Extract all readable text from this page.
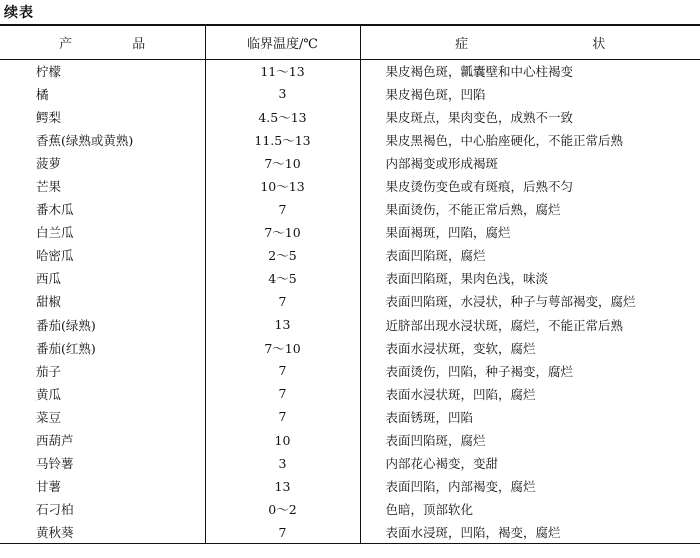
续表
产 品	临界温度/℃	症 状
柠檬	11～13	果皮褐色斑，瓤囊壁和中心柱褐变
橘	3	果皮褐色斑，凹陷
鳄梨	4.5～13	果皮斑点，果肉变色，成熟不一致
香蕉(绿熟或黄熟)	11.5～13	果皮黑褐色，中心胎座硬化，不能正常后熟
菠萝	7～10	内部褐变或形成褐斑
芒果	10～13	果皮烫伤变色或有斑痕，后熟不匀
番木瓜	7	果面烫伤，不能正常后熟，腐烂
白兰瓜	7～10	果面褐斑，凹陷，腐烂
哈密瓜	2～5	表面凹陷斑，腐烂
西瓜	4～5	表面凹陷斑，果肉色浅，味淡
甜椒	7	表面凹陷斑，水浸状，种子与萼部褐变，腐烂
番茄(绿熟)	13	近脐部出现水浸状斑，腐烂，不能正常后熟
番茄(红熟)	7～10	表面水浸状斑，变软，腐烂
茄子	7	表面烫伤，凹陷，种子褐变，腐烂
黄瓜	7	表面水浸状斑，凹陷，腐烂
菜豆	7	表面锈斑，凹陷
西葫芦	10	表面凹陷斑，腐烂
马铃薯	3	内部花心褐变，变甜
甘薯	13	表面凹陷，内部褐变，腐烂
石刁柏	0～2	色暗，顶部软化
黄秋葵	7	表面水浸斑，凹陷，褐变，腐烂
